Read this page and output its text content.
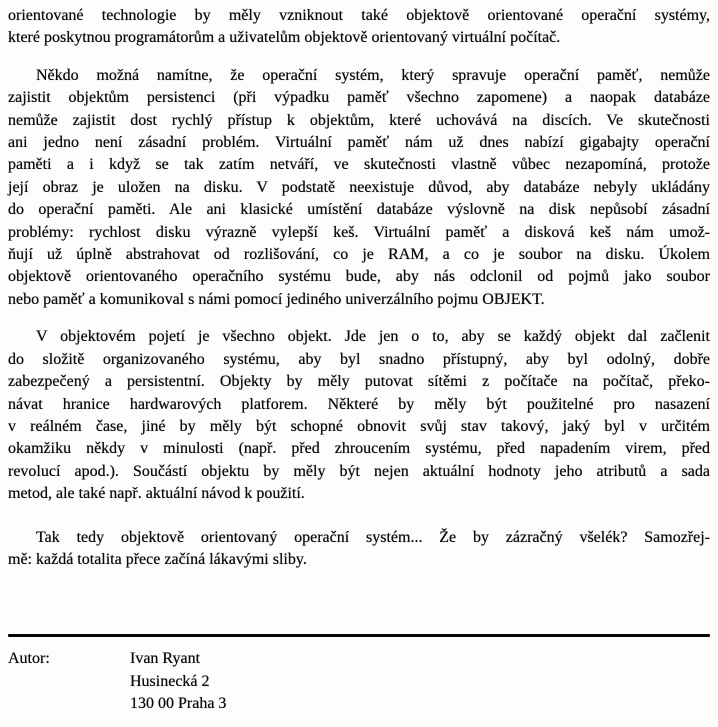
orientované technologie by měly vzniknout také objektově orientované operační systémy,
které poskytnou programátorům a uživatelům objektově orientovaný virtuální počítač.
Někdo možná namítne, že operační systém, který spravuje operační paměť, nemůže
zajistit objektům persistenci (při výpadku paměť všechno zapomene) a naopak databáze
nemůže zajistit dost rychlý přístup k objektům, které uchovává na discích. Ve skutečnosti
ani jedno není zásadní problém. Virtuální paměť nám už dnes nabízí gigabajty operační
paměti a i když se tak zatím netváří, ve skutečnosti vlastně vůbec nezapomíná, protože
její obraz je uložen na disku. V podstatě neexistuje důvod, aby databáze nebyly ukládány
do operační paměti. Ale ani klasické umístění databáze výslovně na disk nepůsobí zásadní
problémy: rychlost disku výrazně vylepší keš. Virtuální paměť a disková keš nám umož-
ňují už úplně abstrahovat od rozlišování, co je RAM, a co je soubor na disku. Úkolem
objektově orientovaného operačního systému bude, aby nás odclonil od pojmů jako soubor
nebo paměť a komunikoval s námi pomocí jediného univerzálního pojmu OBJEKT.
V objektovém pojetí je všechno objekt. Jde jen o to, aby se každý objekt dal začlenit
do složitě organizovaného systému, aby byl snadno přístupný, aby byl odolný, dobře
zabezpečený a persistentní. Objekty by měly putovat sítěmi z počítače na počítač, překo-
návat hranice hardwarových platforem. Některé by měly být použitelné pro nasazení
v reálném čase, jiné by měly být schopné obnovit svůj stav takový, jaký byl v určitém
okamžiku někdy v minulosti (např. před zhroucením systému, před napadením virem, před
revolucí apod.). Součástí objektu by měly být nejen aktuální hodnoty jeho atributů a sada
metod, ale také např. aktuální návod k použití.
Tak tedy objektově orientovaný operační systém... Že by zázračný všelék? Samozřej-
mě: každá totalita přece začíná lákavými sliby.
Autor:	Ivan Ryant
Husinecká 2
130 00 Praha 3
